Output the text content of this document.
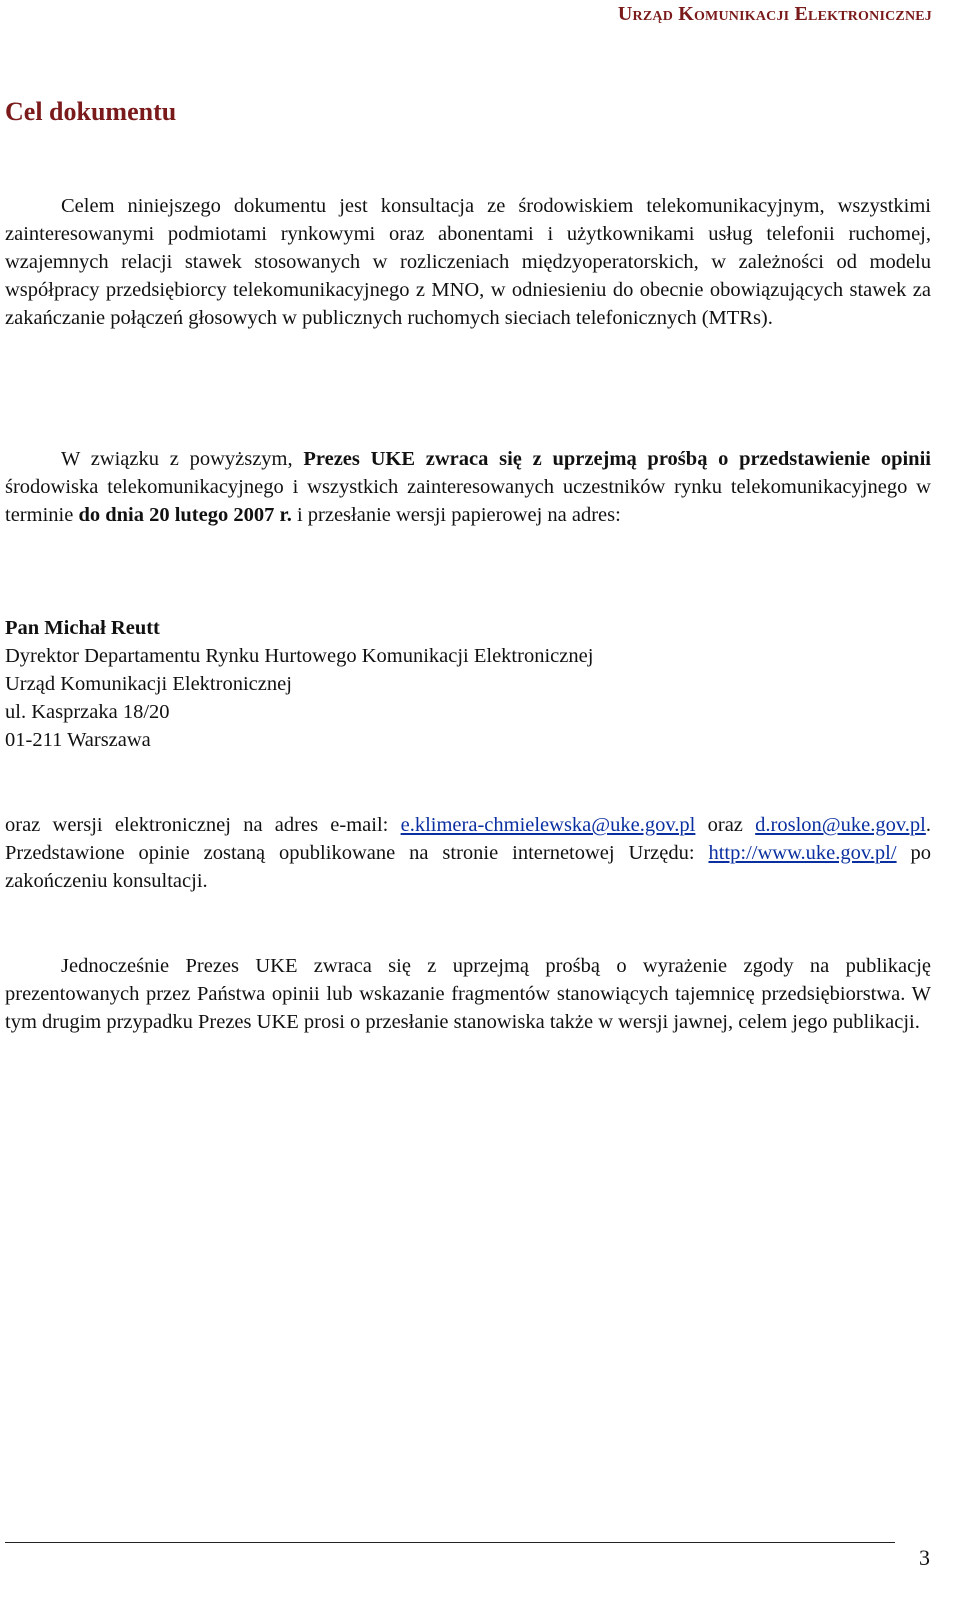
Urząd Komunikacji Elektronicznej
Cel dokumentu

Celem niniejszego dokumentu jest konsultacja ze środowiskiem telekomunikacyjnym, wszystkimi zainteresowanymi podmiotami rynkowymi oraz abonentami i użytkownikami usług telefonii ruchomej, wzajemnych relacji stawek stosowanych w rozliczeniach międzyoperatorskich, w zależności od modelu współpracy przedsiębiorcy telekomunikacyjnego z MNO, w odniesieniu do obecnie obowiązujących stawek za zakańczanie połączeń głosowych w publicznych ruchomych sieciach telefonicznych (MTRs).

W związku z powyższym, Prezes UKE zwraca się z uprzejmą prośbą o przedstawienie opinii środowiska telekomunikacyjnego i wszystkich zainteresowanych uczestników rynku telekomunikacyjnego w terminie do dnia 20 lutego 2007 r. i przesłanie wersji papierowej na adres:

Pan Michał Reutt
Dyrektor Departamentu Rynku Hurtowego Komunikacji Elektronicznej
Urząd Komunikacji Elektronicznej
ul. Kasprzaka 18/20
01-211 Warszawa

oraz wersji elektronicznej na adres e-mail: e.klimera-chmielewska@uke.gov.pl oraz d.roslon@uke.gov.pl. Przedstawione opinie zostaną opublikowane na stronie internetowej Urzędu: http://www.uke.gov.pl/ po zakończeniu konsultacji.

Jednocześnie Prezes UKE zwraca się z uprzejmą prośbą o wyrażenie zgody na publikację prezentowanych przez Państwa opinii lub wskazanie fragmentów stanowiących tajemnicę przedsiębiorstwa. W tym drugim przypadku Prezes UKE prosi o przesłanie stanowiska także w wersji jawnej, celem jego publikacji.

3
